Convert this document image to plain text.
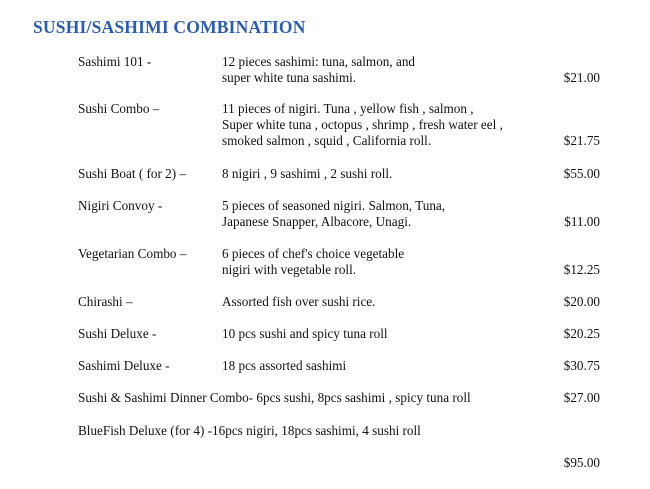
SUSHI/SASHIMI COMBINATION
Sashimi 101 -	12 pieces sashimi: tuna, salmon, and
super white tuna sashimi.	$21.00
Sushi Combo –	11 pieces of nigiri. Tuna , yellow fish , salmon ,
Super white tuna , octopus , shrimp , fresh water eel ,
smoked salmon , squid , California roll.	$21.75
Sushi Boat ( for 2) –	8 nigiri , 9 sashimi , 2 sushi roll.	$55.00
Nigiri Convoy -	5 pieces of seasoned nigiri. Salmon, Tuna,
Japanese Snapper, Albacore, Unagi.	$11.00
Vegetarian Combo –	6 pieces of chef's choice vegetable
nigiri with vegetable roll.	$12.25
Chirashi –	Assorted fish over sushi rice.	$20.00
Sushi Deluxe -	10 pcs sushi and spicy tuna roll	$20.25
Sashimi Deluxe -	18 pcs assorted sashimi	$30.75
Sushi & Sashimi Dinner Combo- 6pcs sushi, 8pcs sashimi , spicy tuna roll	$27.00
BlueFish Deluxe (for 4) -16pcs nigiri, 18pcs sashimi, 4 sushi roll
$95.00
